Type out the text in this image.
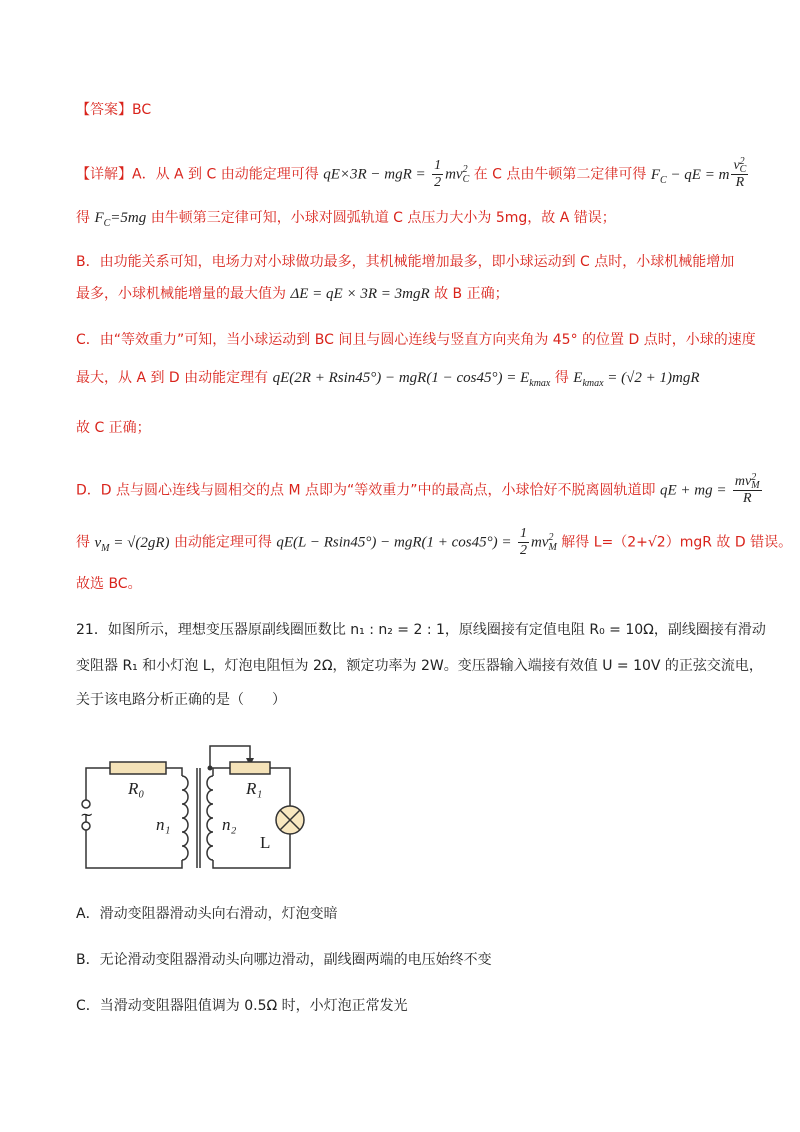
【答案】BC
【详解】A．从 A 到 C 由动能定理可得 qE×3R − mgR = $\frac{1}{2}$ mv 2
C 在 C 点由牛顿第二定律可得 $F_C$ − qE = m v 2
C
R
得 $F_C=5mg$ 由牛顿第三定律可知，小球对圆弧轨道 C 点压力大小为 5mg，故 A 错误；
B．由功能关系可知，电场力对小球做功最多，其机械能增加最多，即小球运动到 C 点时，小球机械能增加
最多，小球机械能增量的最大值为 ΔE = qE × 3R = 3mgR 故 B 正确；
C．由“等效重力”可知，当小球运动到 BC 间且与圆心连线与竖直方向夹角为 45° 的位置 D 点时，小球的速度
最大，从 A 到 D 由动能定理有 $qE(2R + Rsin45^\circ) - mgR(1 - \cos 45^\circ) = E_{kmax}$ 得 $E_{kmax} = (√2 + 1)mgR$
故 C 正确；
D．D 点与圆心连线与圆相交的点 M 点即为“等效重力”中的最高点，小球恰好不脱离圆轨道即 qE + mg = mv 2
M
R
得 $v_M = √(2gR)$ 由动能定理可得 $qE(L - Rsin45^\circ) - mgR(1 + \cos 45^\circ) = \frac{1}{2}$ mv 2
M 解得 L=（2+√2）mgR 故 D 错误。
故选 BC。
21．如图所示，理想变压器原副线圈匝数比 n₁ : n₂ = 2 : 1，原线圈接有定值电阻 R₀ = 10Ω，副线圈接有滑动
变阻器 R₁ 和小灯泡 L，灯泡电阻恒为 2Ω，额定功率为 2W。变压器输入端接有效值 U = 10V 的正弦交流电，
关于该电路分析正确的是（　　）
R₀	R₁
n₁	n₂
L
~
A．滑动变阻器滑动头向右滑动，灯泡变暗
B．无论滑动变阻器滑动头向哪边滑动，副线圈两端的电压始终不变
C．当滑动变阻器阻值调为 0.5Ω 时，小灯泡正常发光
